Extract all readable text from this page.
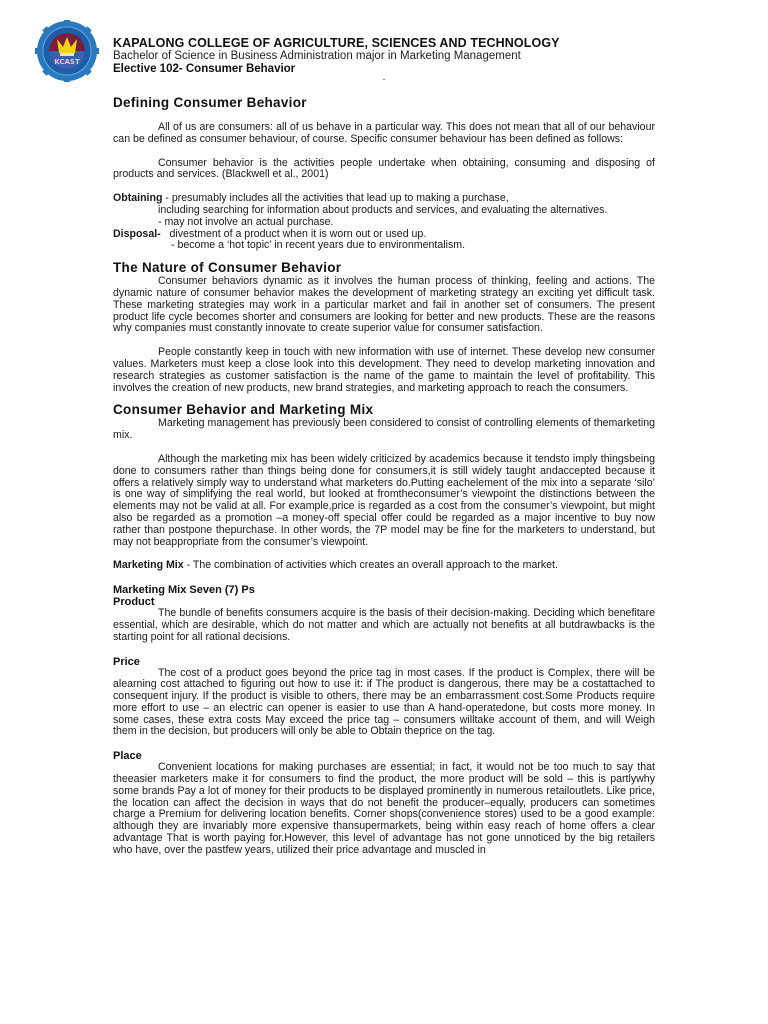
KCAST
KAPALONG COLLEGE OF AGRICULTURE, SCIENCES AND TECHNOLOGY
Bachelor of Science in Business Administration major in Marketing Management
Elective 102- Consumer Behavior
Defining Consumer Behavior

All of us are consumers: all of us behave in a particular way. This does not mean that all of our behaviour can be defined as consumer behaviour, of course. Specific consumer behaviour has been defined as follows:

Consumer behavior is the activities people undertake when obtaining, consuming and disposing of products and services. (Blackwell et al., 2001)

Obtaining - presumably includes all the activities that lead up to making a purchase,

including searching for information about products and services, and evaluating the alternatives.

- may not involve an actual purchase.

Disposal-   divestment of a product when it is worn out or used up.

- become a ‘hot topic’ in recent years due to environmentalism.

The Nature of Consumer Behavior

Consumer behaviors dynamic as it involves the human process of thinking, feeling and actions. The dynamic nature of consumer behavior makes the development of marketing strategy an exciting yet difficult task. These marketing strategies may work in a particular market and fail in another set of consumers. The present product life cycle becomes shorter and consumers are looking for better and new products. These are the reasons why companies must constantly innovate to create superior value for consumer satisfaction.

People constantly keep in touch with new information with use of internet. These develop new consumer values. Marketers must keep a close look into this development. They need to develop marketing innovation and research strategies as customer satisfaction is the name of the game to maintain the level of profitability. This involves the creation of new products, new brand strategies, and marketing approach to reach the consumers.

Consumer Behavior and Marketing Mix

Marketing management has previously been considered to consist of controlling elements of themarketing mix.

Although the marketing mix has been widely criticized by academics because it tendsto imply thingsbeing done to consumers rather than things being done for consumers,it is still widely taught andaccepted because it offers a relatively simply way to understand what marketers do.Putting eachelement of the mix into a separate ‘silo’ is one way of simplifying the real world, but looked at fromtheconsumer’s viewpoint the distinctions between the elements may not be valid at all. For example,price is regarded as a cost from the consumer’s viewpoint, but might also be regarded as a promotion –a money-off special offer could be regarded as a major incentive to buy now rather than postpone thepurchase. In other words, the 7P model may be fine for the marketers to understand, but may not beappropriate from the consumer’s viewpoint.

Marketing Mix - The combination of activities which creates an overall approach to the market.

Marketing Mix Seven (7) Ps
Product

The bundle of benefits consumers acquire is the basis of their decision-making. Deciding which benefitare essential, which are desirable, which do not matter and which are actually not benefits at all butdrawbacks is the starting point for all rational decisions.

Price

The cost of a product goes beyond the price tag in most cases. If the product is Complex, there will be alearning cost attached to figuring out how to use it: if The product is dangerous, there may be a costattached to consequent injury. If the product is visible to others, there may be an embarrassment cost.Some Products require more effort to use – an electric can opener is easier to use than A hand-operatedone, but costs more money. In some cases, these extra costs May exceed the price tag – consumers willtake account of them, and will Weigh them in the decision, but producers will only be able to Obtain theprice on the tag.

Place

Convenient locations for making purchases are essential; in fact, it would not be too much to say that theeasier marketers make it for consumers to find the product, the more product will be sold – this is partlywhy some brands Pay a lot of money for their products to be displayed prominently in numerous retailoutlets. Like price, the location can affect the decision in ways that do not benefit the producer–equally, producers can sometimes charge a Premium for delivering location benefits. Corner shops(convenience stores) used to be a good example: although they are invariably more expensive thansupermarkets, being within easy reach of home offers a clear advantage That is worth paying for.However, this level of advantage has not gone unnoticed by the big retailers who have, over the pastfew years, utilized their price advantage and muscled in
